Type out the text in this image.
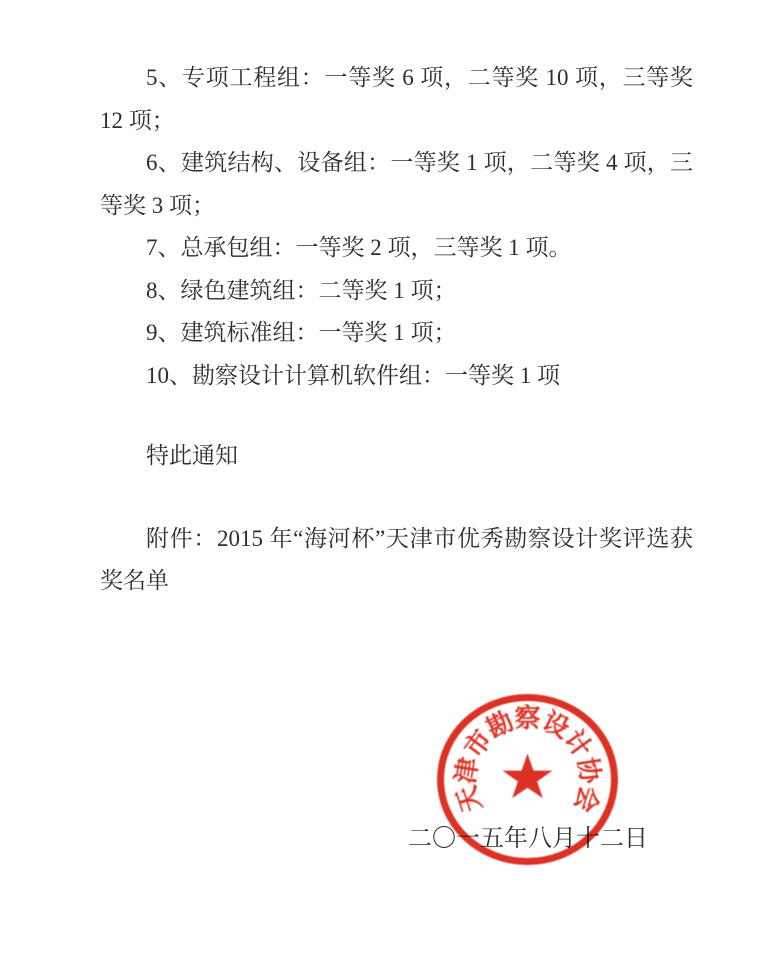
5、专项工程组：一等奖 6 项，二等奖 10 项，三等奖 12 项；

6、建筑结构、设备组：一等奖 1 项，二等奖 4 项，三等奖 3 项；

7、总承包组：一等奖 2 项，三等奖 1 项。

8、绿色建筑组：二等奖 1 项；

9、建筑标准组：一等奖 1 项；

10、勘察设计计算机软件组：一等奖 1 项

特此通知

附件：2015 年“海河杯”天津市优秀勘察设计奖评选获奖名单

二〇一五年八月十二日
天
津
市
勘
察
设
计
协
会
